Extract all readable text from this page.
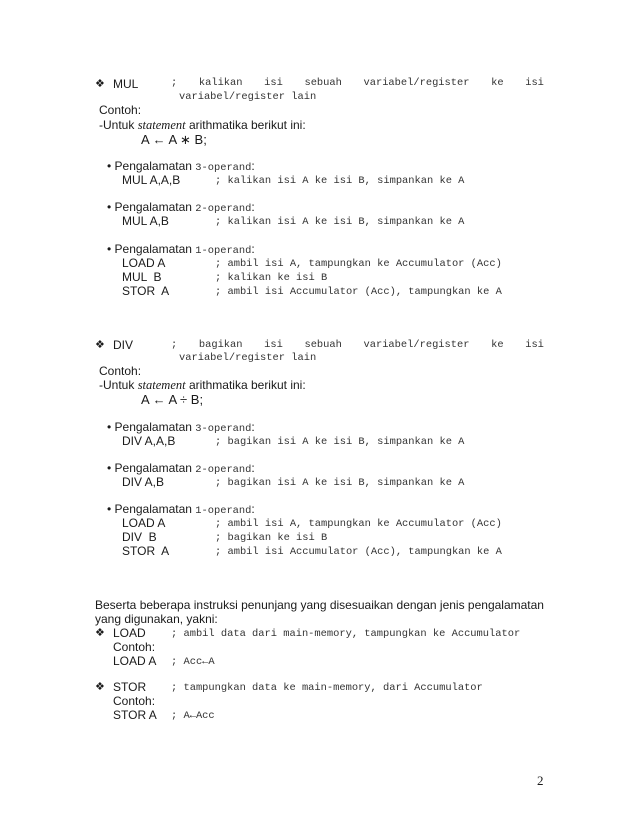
❖ MUL	; kalikan isi sebuah variabel/register ke isi
variabel/register lain
Contoh:
-Untuk statement arithmatika berikut ini:
A ← A ∗ B;
• Pengalamatan 3-operand:
MUL A,A,B	; kalikan isi A ke isi B, simpankan ke A
• Pengalamatan 2-operand:
MUL A,B	; kalikan isi A ke isi B, simpankan ke A
• Pengalamatan 1-operand:
LOAD A	; ambil isi A, tampungkan ke Accumulator (Acc)
MUL  B	; kalikan ke isi B
STOR  A	; ambil isi Accumulator (Acc), tampungkan ke A
❖ DIV	; bagikan isi sebuah variabel/register ke isi
variabel/register lain
Contoh:
-Untuk statement arithmatika berikut ini:
A ← A ÷ B;
• Pengalamatan 3-operand:
DIV A,A,B	; bagikan isi A ke isi B, simpankan ke A
• Pengalamatan 2-operand:
DIV A,B	; bagikan isi A ke isi B, simpankan ke A
• Pengalamatan 1-operand:
LOAD A	; ambil isi A, tampungkan ke Accumulator (Acc)
DIV  B	; bagikan ke isi B
STOR  A	; ambil isi Accumulator (Acc), tampungkan ke A
Beserta beberapa instruksi penunjang yang disesuaikan dengan jenis pengalamatan
yang digunakan, yakni:
❖ LOAD ; ambil data dari main-memory, tampungkan ke Accumulator
Contoh:
LOAD A ; Acc←A
❖ STOR ; tampungkan data ke main-memory, dari Accumulator
Contoh:
STOR A ; A←Acc
2
